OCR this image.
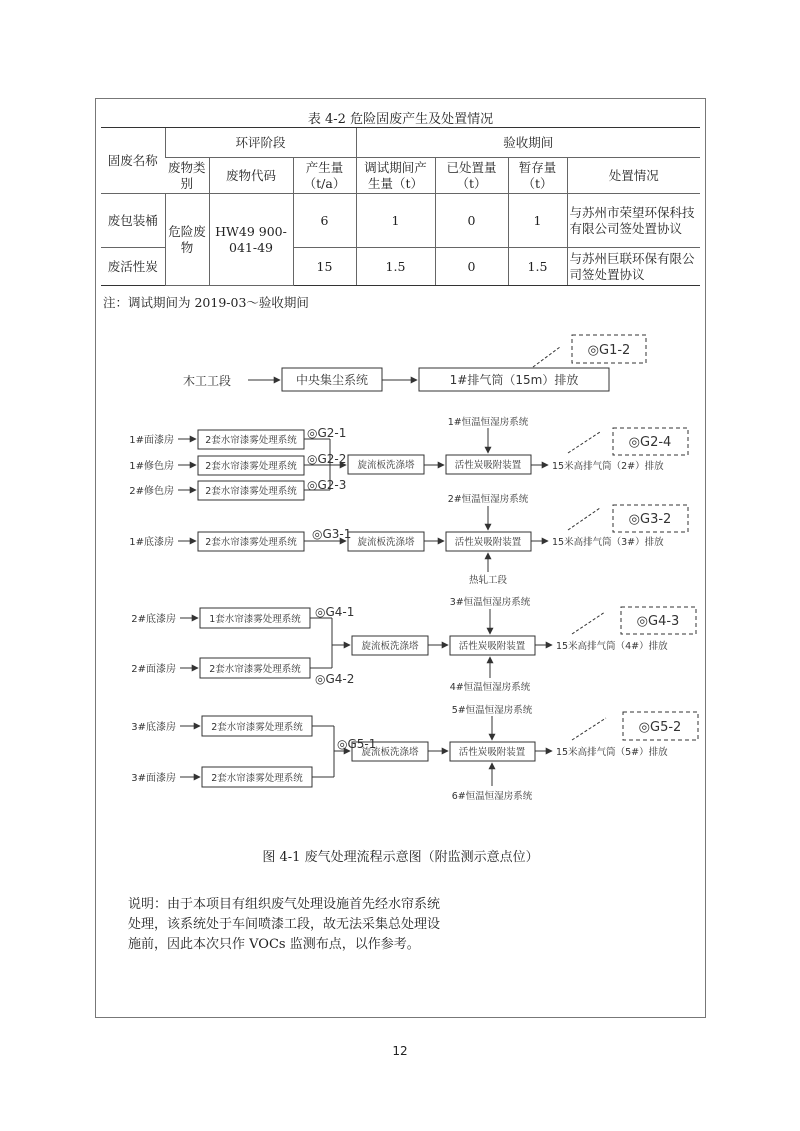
表 4-2 危险固废产生及处置情况
固废名称	环评阶段			验收期间			
	废物类别	废物代码	产生量（t/a）	调试期间产生量（t）	已处置量（t）	暂存量（t）	处置情况
废包装桶	危险废物	HW49 900-041-49	6	1	0	1	与苏州市荣望环保科技有限公司签处置协议
废活性炭			15	1.5	0	1.5	与苏州巨联环保有限公司签处置协议
注：调试期间为 2019-03～验收期间
木工工段	中央集尘系统	1#排气筒（15m）排放
◎G1-2
1#面漆房
1#修色房
2#修色房
2套水帘漆雾处理系统
2套水帘漆雾处理系统
2套水帘漆雾处理系统
◎G2-1
◎G2-2
◎G2-3
旋流板洗涤塔	活性炭吸附装置
1#恒温恒湿房系统
15米高排气筒（2#）排放
◎G2-4
2#恒温恒湿房系统
1#底漆房	2套水帘漆雾处理系统
◎G3-1
旋流板洗涤塔	活性炭吸附装置	15米高排气筒（3#）排放
◎G3-2
热轧工段
3#恒温恒湿房系统
2#底漆房
2#面漆房
1套水帘漆雾处理系统
2套水帘漆雾处理系统
◎G4-1
◎G4-2
旋流板洗涤塔	活性炭吸附装置	15米高排气筒（4#）排放
◎G4-3
4#恒温恒湿房系统
5#恒温恒湿房系统
3#底漆房
3#面漆房
2套水帘漆雾处理系统
2套水帘漆雾处理系统
◎G5-1
旋流板洗涤塔	活性炭吸附装置	15米高排气筒（5#）排放
◎G5-2
6#恒温恒湿房系统
图 4-1 废气处理流程示意图（附监测示意点位）
说明：由于本项目有组织废气处理设施首先经水帘系统
处理，该系统处于车间喷漆工段，故无法采集总处理设
施前，因此本次只作 VOCs 监测布点，以作参考。
12
